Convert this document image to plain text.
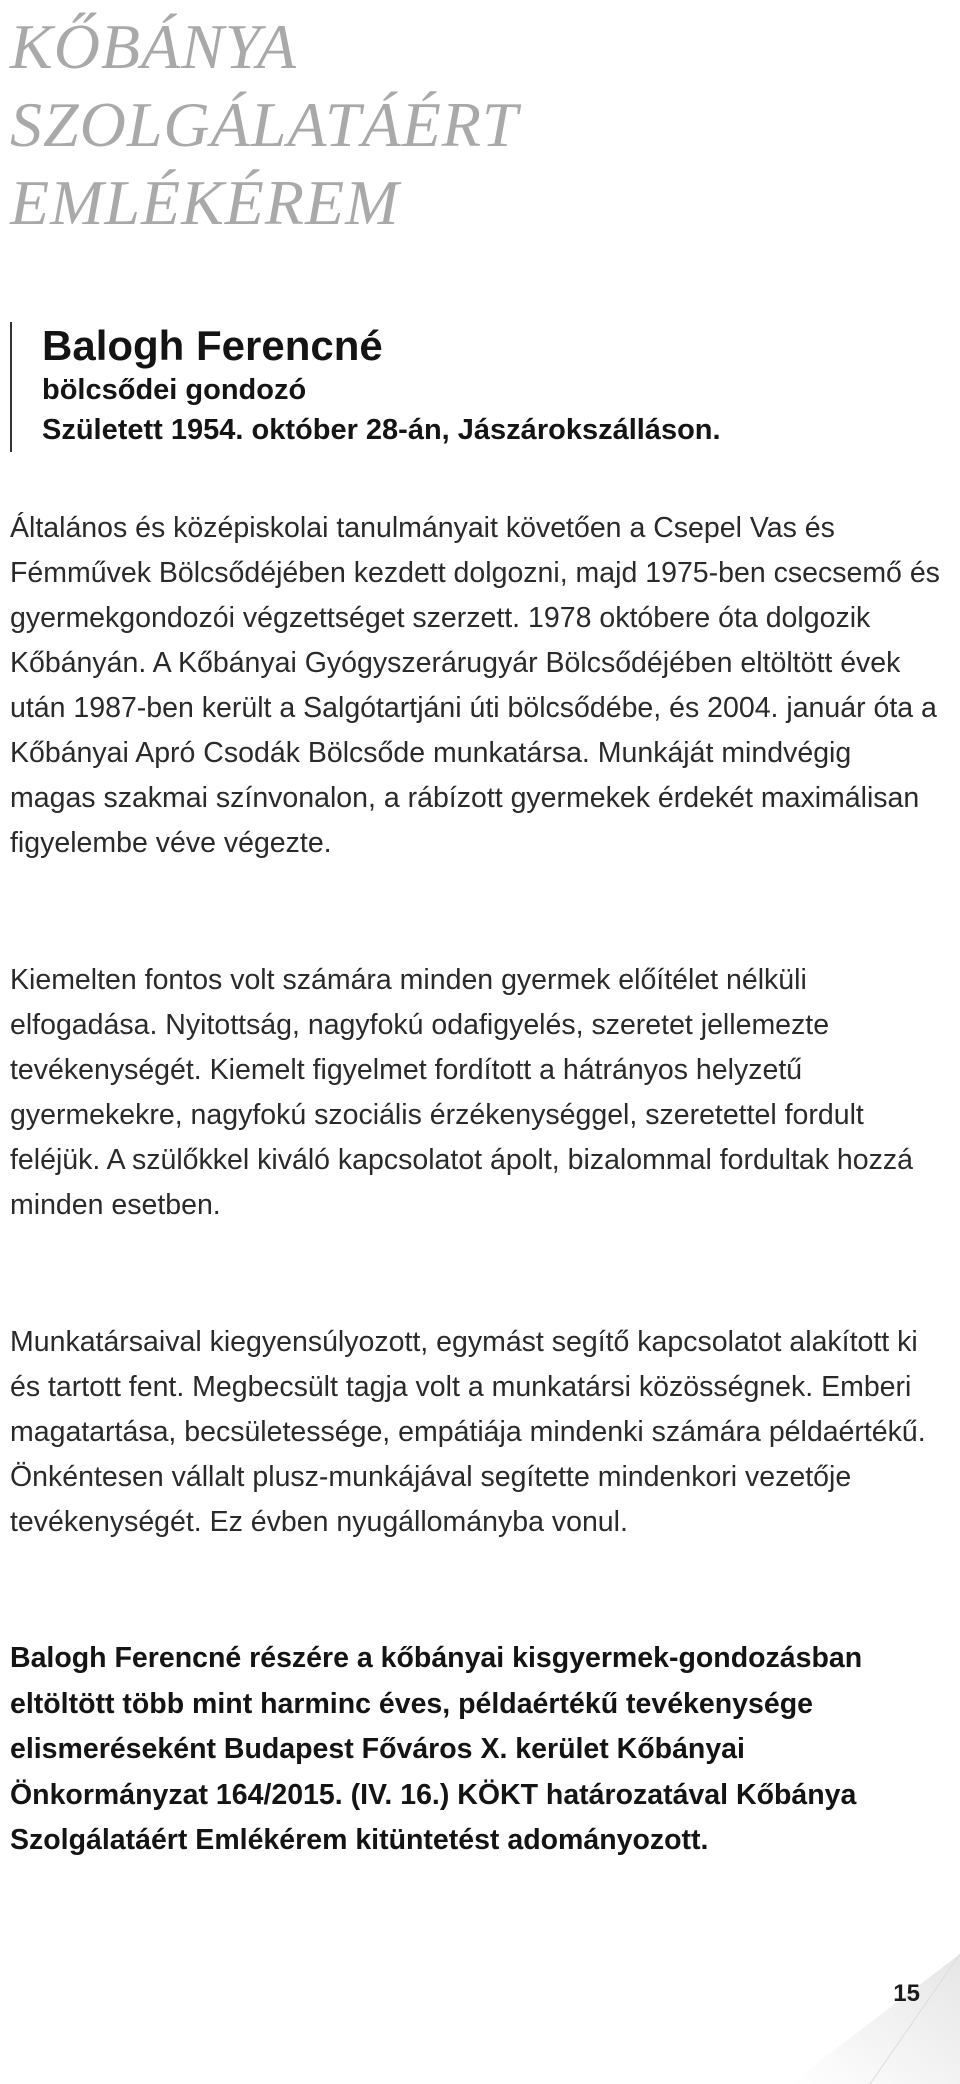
KŐBÁNYA
SZOLGÁLATÁÉRT
EMLÉKÉREM

Balogh Ferencné

bölcsődei gondozó

Született 1954. október 28-án, Jászárokszálláson.

Általános és középiskolai tanulmányait követően a Csepel Vas és Fémművek Bölcsődéjében kezdett dolgozni, majd 1975-ben csecsemő és gyermekgondozói végzettséget szerzett. 1978 októbere óta dolgozik Kőbányán. A Kőbányai Gyógyszerárugyár Bölcsődéjében eltöltött évek után 1987-ben került a Salgótartjáni úti bölcsődébe, és 2004. január óta a Kőbányai Apró Csodák Bölcsőde munkatársa. Munkáját mindvégig magas szakmai színvonalon, a rábízott gyermekek érdekét maximálisan figyelembe véve végezte.

Kiemelten fontos volt számára minden gyermek előítélet nélküli elfogadása. Nyitottság, nagyfokú odafigyelés, szeretet jellemezte tevékenységét. Kiemelt figyelmet fordított a hátrányos helyzetű gyermekekre, nagyfokú szociális érzékenységgel, szeretettel fordult feléjük. A szülőkkel kiváló kapcsolatot ápolt, bizalommal fordultak hozzá minden esetben.

Munkatársaival kiegyensúlyozott, egymást segítő kapcsolatot alakított ki és tartott fent. Megbecsült tagja volt a munkatársi közösségnek. Emberi magatartása, becsületessége, empátiája mindenki számára példaértékű. Önkéntesen vállalt plusz-munkájával segítette mindenkori vezetője tevékenységét. Ez évben nyugállományba vonul.

Balogh Ferencné részére a kőbányai kisgyermek-gondozásban eltöltött több mint harminc éves, példaértékű tevékenysége elismeréseként Budapest Főváros X. kerület Kőbányai Önkormányzat 164/2015. (IV. 16.) KÖKT határozatával Kőbánya Szolgálatáért Emlékérem kitüntetést adományozott.

15
